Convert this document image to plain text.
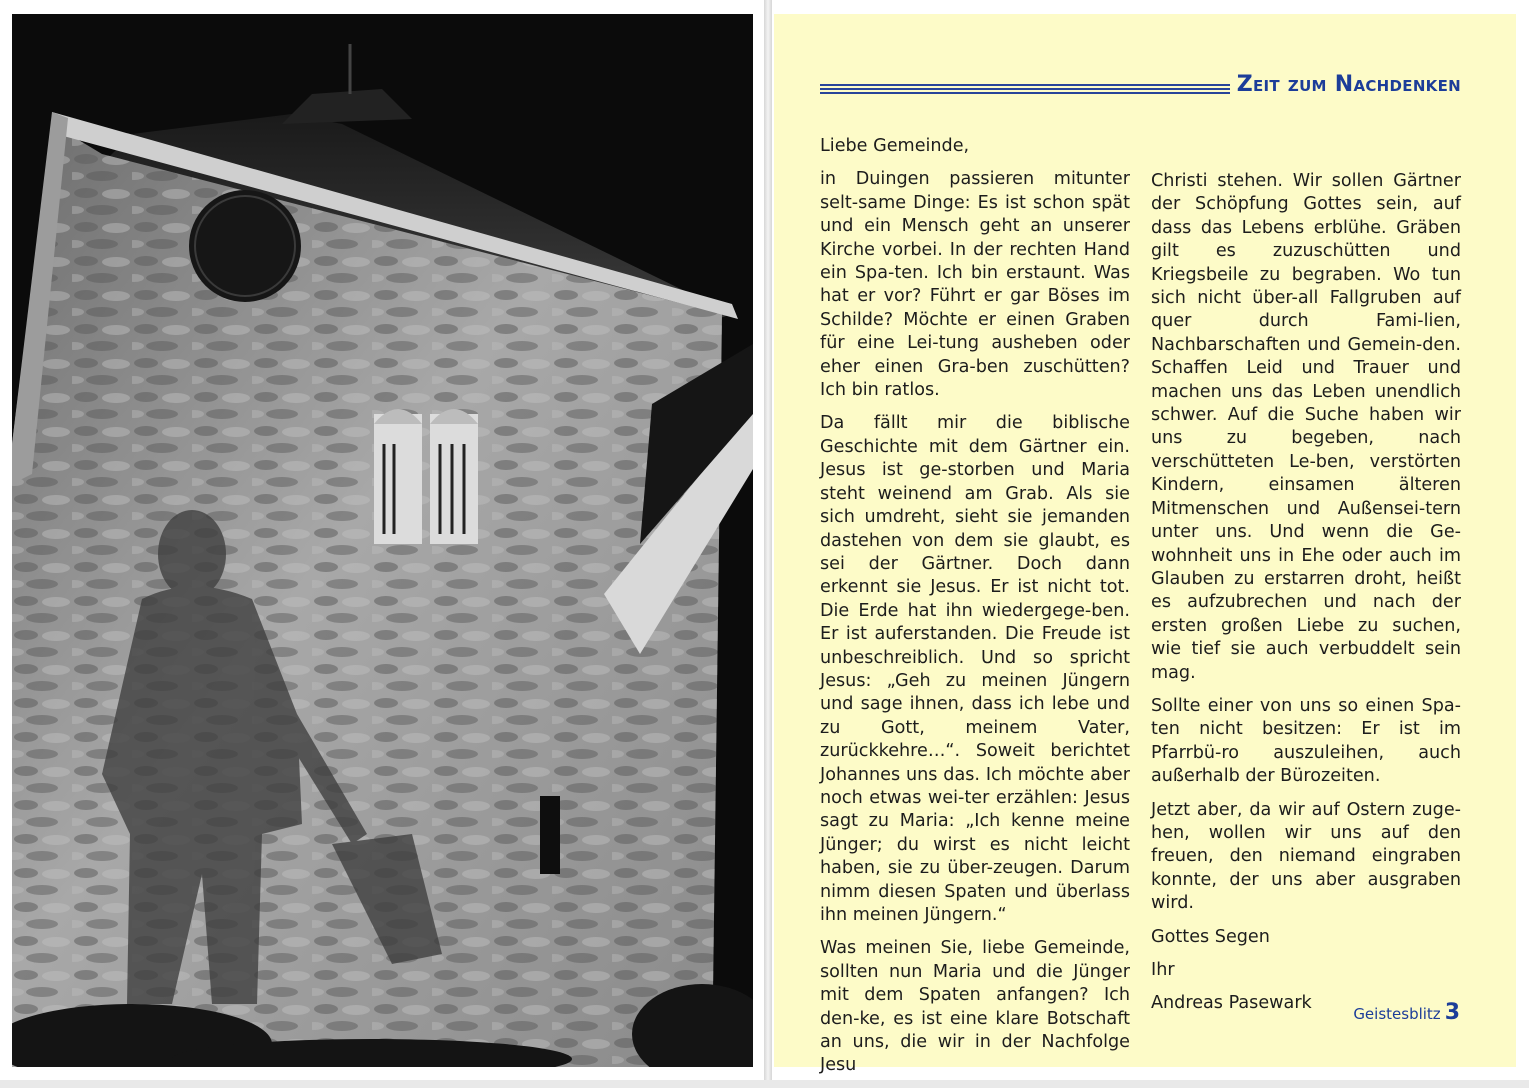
Zeit zum Nachdenken

Liebe Gemeinde,

in Duingen passieren mitunter selt-same Dinge: Es ist schon spät und ein Mensch geht an unserer Kirche vorbei. In der rechten Hand ein Spa-ten. Ich bin erstaunt. Was hat er vor? Führt er gar Böses im Schilde? Möchte er einen Graben für eine Lei-tung ausheben oder eher einen Gra-ben zuschütten? Ich bin ratlos.

Da fällt mir die biblische Geschichte mit dem Gärtner ein. Jesus ist ge-storben und Maria steht weinend am Grab. Als sie sich umdreht, sieht sie jemanden dastehen von dem sie glaubt, es sei der Gärtner. Doch dann erkennt sie Jesus. Er ist nicht tot. Die Erde hat ihn wiedergege-ben. Er ist auferstanden. Die Freude ist unbeschreiblich. Und so spricht Jesus: „Geh zu meinen Jüngern und sage ihnen, dass ich lebe und zu Gott, meinem Vater, zurückkehre…“. Soweit berichtet Johannes uns das. Ich möchte aber noch etwas wei-ter erzählen: Jesus sagt zu Maria: „Ich kenne meine Jünger; du wirst es nicht leicht haben, sie zu über-zeugen. Darum nimm diesen Spaten und überlass ihn meinen Jüngern.“

Was meinen Sie, liebe Gemeinde, sollten nun Maria und die Jünger mit dem Spaten anfangen? Ich den-ke, es ist eine klare Botschaft an uns, die wir in der Nachfolge Jesu

Christi stehen. Wir sollen Gärtner der Schöpfung Gottes sein, auf dass das Lebens erblühe. Gräben gilt es zuzuschütten und Kriegsbeile zu begraben. Wo tun sich nicht über-all Fallgruben auf quer durch Fami-lien, Nachbarschaften und Gemein-den. Schaffen Leid und Trauer und machen uns das Leben unendlich schwer. Auf die Suche haben wir uns zu begeben, nach verschütteten Le-ben, verstörten Kindern, einsamen älteren Mitmenschen und Außensei-tern unter uns. Und wenn die Ge-wohnheit uns in Ehe oder auch im Glauben zu erstarren droht, heißt es aufzubrechen und nach der ersten großen Liebe zu suchen, wie tief sie auch verbuddelt sein mag.

Sollte einer von uns so einen Spa-ten nicht besitzen: Er ist im Pfarrbü-ro auszuleihen, auch außerhalb der Bürozeiten.

Jetzt aber, da wir auf Ostern zuge-hen, wollen wir uns auf den freuen, den niemand eingraben konnte, der uns aber ausgraben wird.

Gottes Segen

Ihr

Andreas Pasewark

Geistesblitz 3
